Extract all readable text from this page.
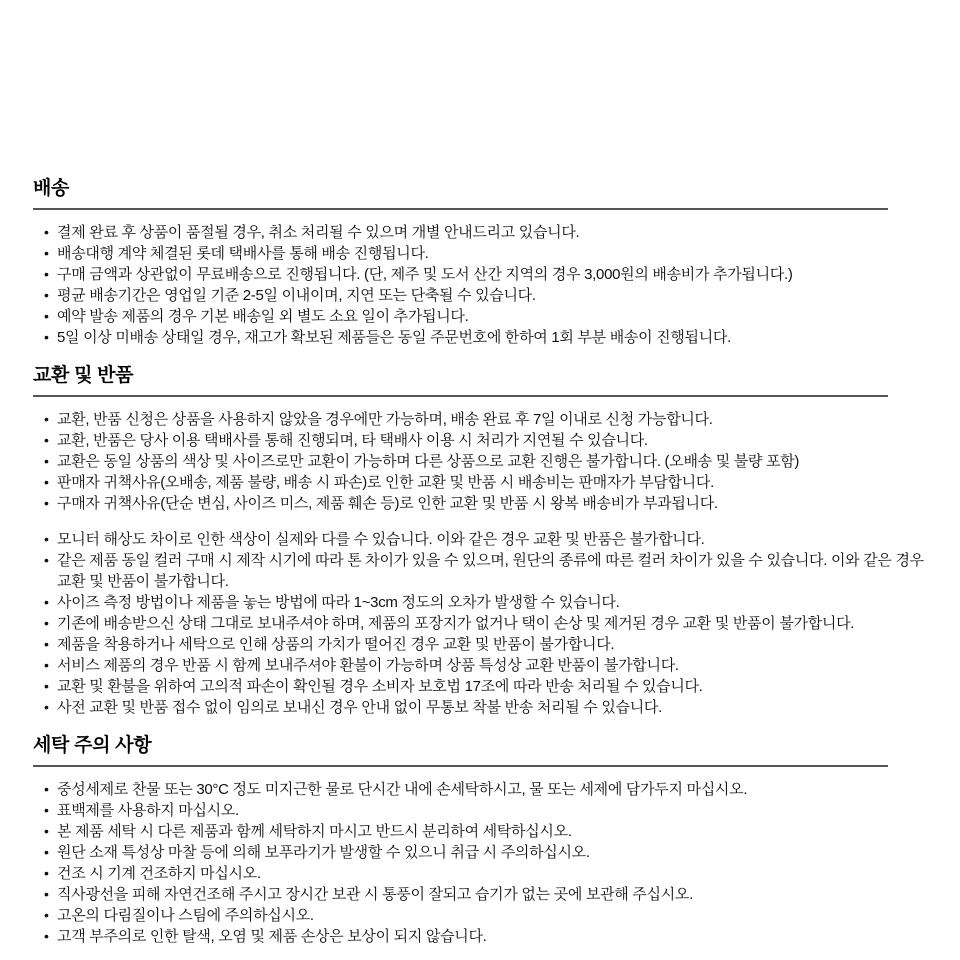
배송
• 결제 완료 후 상품이 품절될 경우, 취소 처리될 수 있으며 개별 안내드리고 있습니다.
• 배송대행 계약 체결된 롯데 택배사를 통해 배송 진행됩니다.
• 구매 금액과 상관없이 무료배송으로 진행됩니다. (단, 제주 및 도서 산간 지역의 경우 3,000원의 배송비가 추가됩니다.)
• 평균 배송기간은 영업일 기준 2-5일 이내이며, 지연 또는 단축될 수 있습니다.
• 예약 발송 제품의 경우 기본 배송일 외 별도 소요 일이 추가됩니다.
• 5일 이상 미배송 상태일 경우, 재고가 확보된 제품들은 동일 주문번호에 한하여 1회 부분 배송이 진행됩니다.
교환 및 반품
• 교환, 반품 신청은 상품을 사용하지 않았을 경우에만 가능하며, 배송 완료 후 7일 이내로 신청 가능합니다.
• 교환, 반품은 당사 이용 택배사를 통해 진행되며, 타 택배사 이용 시 처리가 지연될 수 있습니다.
• 교환은 동일 상품의 색상 및 사이즈로만 교환이 가능하며 다른 상품으로 교환 진행은 불가합니다. (오배송 및 불량 포함)
• 판매자 귀책사유(오배송, 제품 불량, 배송 시 파손)로 인한 교환 및 반품 시 배송비는 판매자가 부담합니다.
• 구매자 귀책사유(단순 변심, 사이즈 미스, 제품 훼손 등)로 인한 교환 및 반품 시 왕복 배송비가 부과됩니다.
• 모니터 해상도 차이로 인한 색상이 실제와 다를 수 있습니다. 이와 같은 경우 교환 및 반품은 불가합니다.
• 같은 제품 동일 컬러 구매 시 제작 시기에 따라 톤 차이가 있을 수 있으며, 원단의 종류에 따른 컬러 차이가 있을 수 있습니다. 이와 같은 경우 교환 및 반품이 불가합니다.
• 사이즈 측정 방법이나 제품을 놓는 방법에 따라 1~3cm 정도의 오차가 발생할 수 있습니다.
• 기존에 배송받으신 상태 그대로 보내주셔야 하며, 제품의 포장지가 없거나 택이 손상 및 제거된 경우 교환 및 반품이 불가합니다.
• 제품을 착용하거나 세탁으로 인해 상품의 가치가 떨어진 경우 교환 및 반품이 불가합니다.
• 서비스 제품의 경우 반품 시 함께 보내주셔야 환불이 가능하며 상품 특성상 교환 반품이 불가합니다.
• 교환 및 환불을 위하여 고의적 파손이 확인될 경우 소비자 보호법 17조에 따라 반송 처리될 수 있습니다.
• 사전 교환 및 반품 접수 없이 임의로 보내신 경우 안내 없이 무통보 착불 반송 처리될 수 있습니다.
세탁 주의 사항
• 중성세제로 찬물 또는 30°C 정도 미지근한 물로 단시간 내에 손세탁하시고, 물 또는 세제에 담가두지 마십시오.
• 표백제를 사용하지 마십시오.
• 본 제품 세탁 시 다른 제품과 함께 세탁하지 마시고 반드시 분리하여 세탁하십시오.
• 원단 소재 특성상 마찰 등에 의해 보푸라기가 발생할 수 있으니 취급 시 주의하십시오.
• 건조 시 기계 건조하지 마십시오.
• 직사광선을 피해 자연건조해 주시고 장시간 보관 시 통풍이 잘되고 습기가 없는 곳에 보관해 주십시오.
• 고온의 다림질이나 스팀에 주의하십시오.
• 고객 부주의로 인한 탈색, 오염 및 제품 손상은 보상이 되지 않습니다.
